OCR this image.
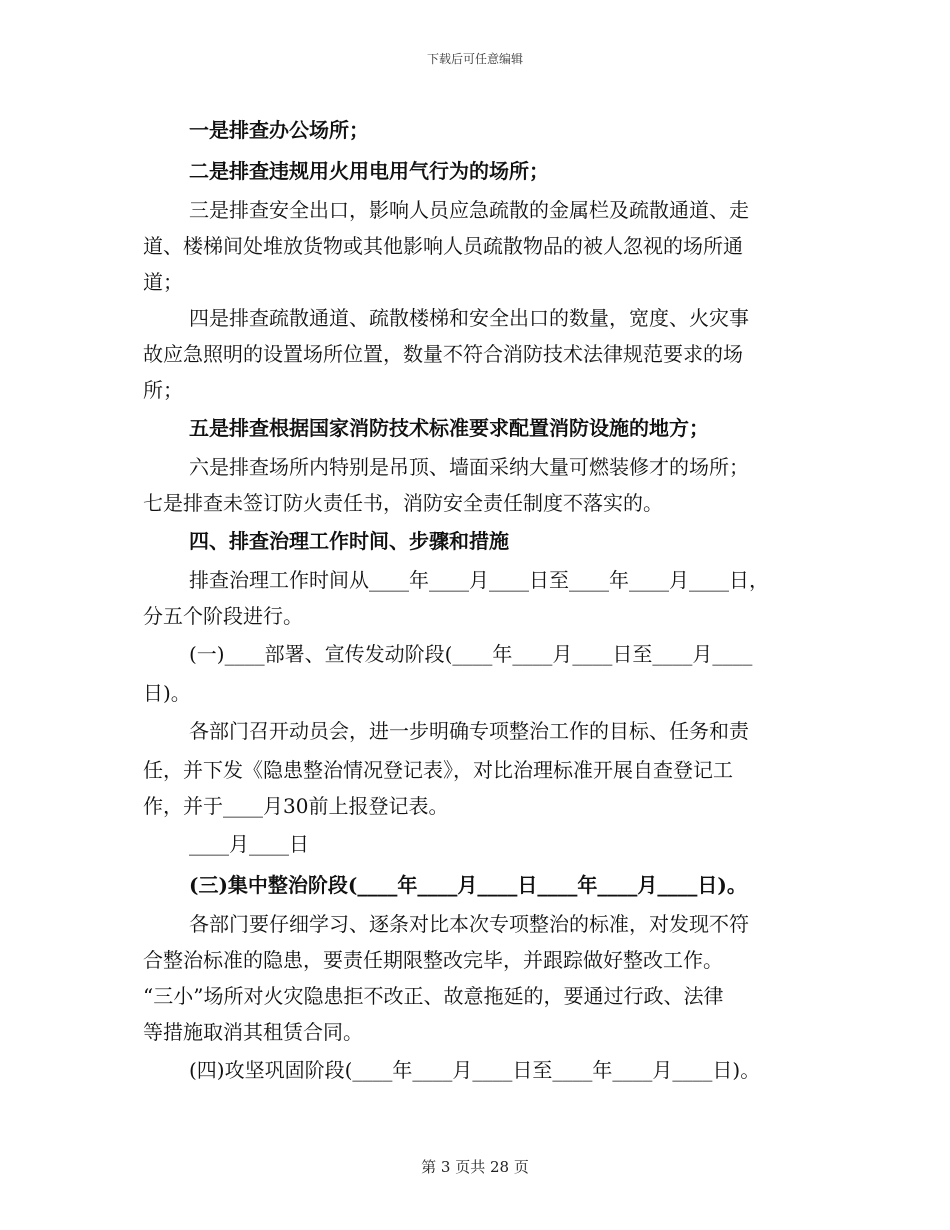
下载后可任意编辑
一是排查办公场所；
二是排查违规用火用电用气行为的场所；
三是排查安全出口，影响人员应急疏散的金属栏及疏散通道、走
道、楼梯间处堆放货物或其他影响人员疏散物品的被人忽视的场所通
道；
四是排查疏散通道、疏散楼梯和安全出口的数量，宽度、火灾事
故应急照明的设置场所位置，数量不符合消防技术法律规范要求的场
所；
五是排查根据国家消防技术标准要求配置消防设施的地方；
六是排查场所内特别是吊顶、墙面采纳大量可燃装修才的场所；
七是排查未签订防火责任书，消防安全责任制度不落实的。
四、排查治理工作时间、步骤和措施
排查治理工作时间从____年____月____日至____年____月____日，
分五个阶段进行。
(一)____部署、宣传发动阶段(____年____月____日至____月____
日)。
各部门召开动员会，进一步明确专项整治工作的目标、任务和责
任，并下发《隐患整治情况登记表》，对比治理标准开展自查登记工
作，并于____月30前上报登记表。
____月____日
(三)集中整治阶段(____年____月____日____年____月____日)。
各部门要仔细学习、逐条对比本次专项整治的标准，对发现不符
合整治标准的隐患，要责任期限整改完毕，并跟踪做好整改工作。
“三小”场所对火灾隐患拒不改正、故意拖延的，要通过行政、法律
等措施取消其租赁合同。
(四)攻坚巩固阶段(____年____月____日至____年____月____日)。
第 3 页共 28 页
